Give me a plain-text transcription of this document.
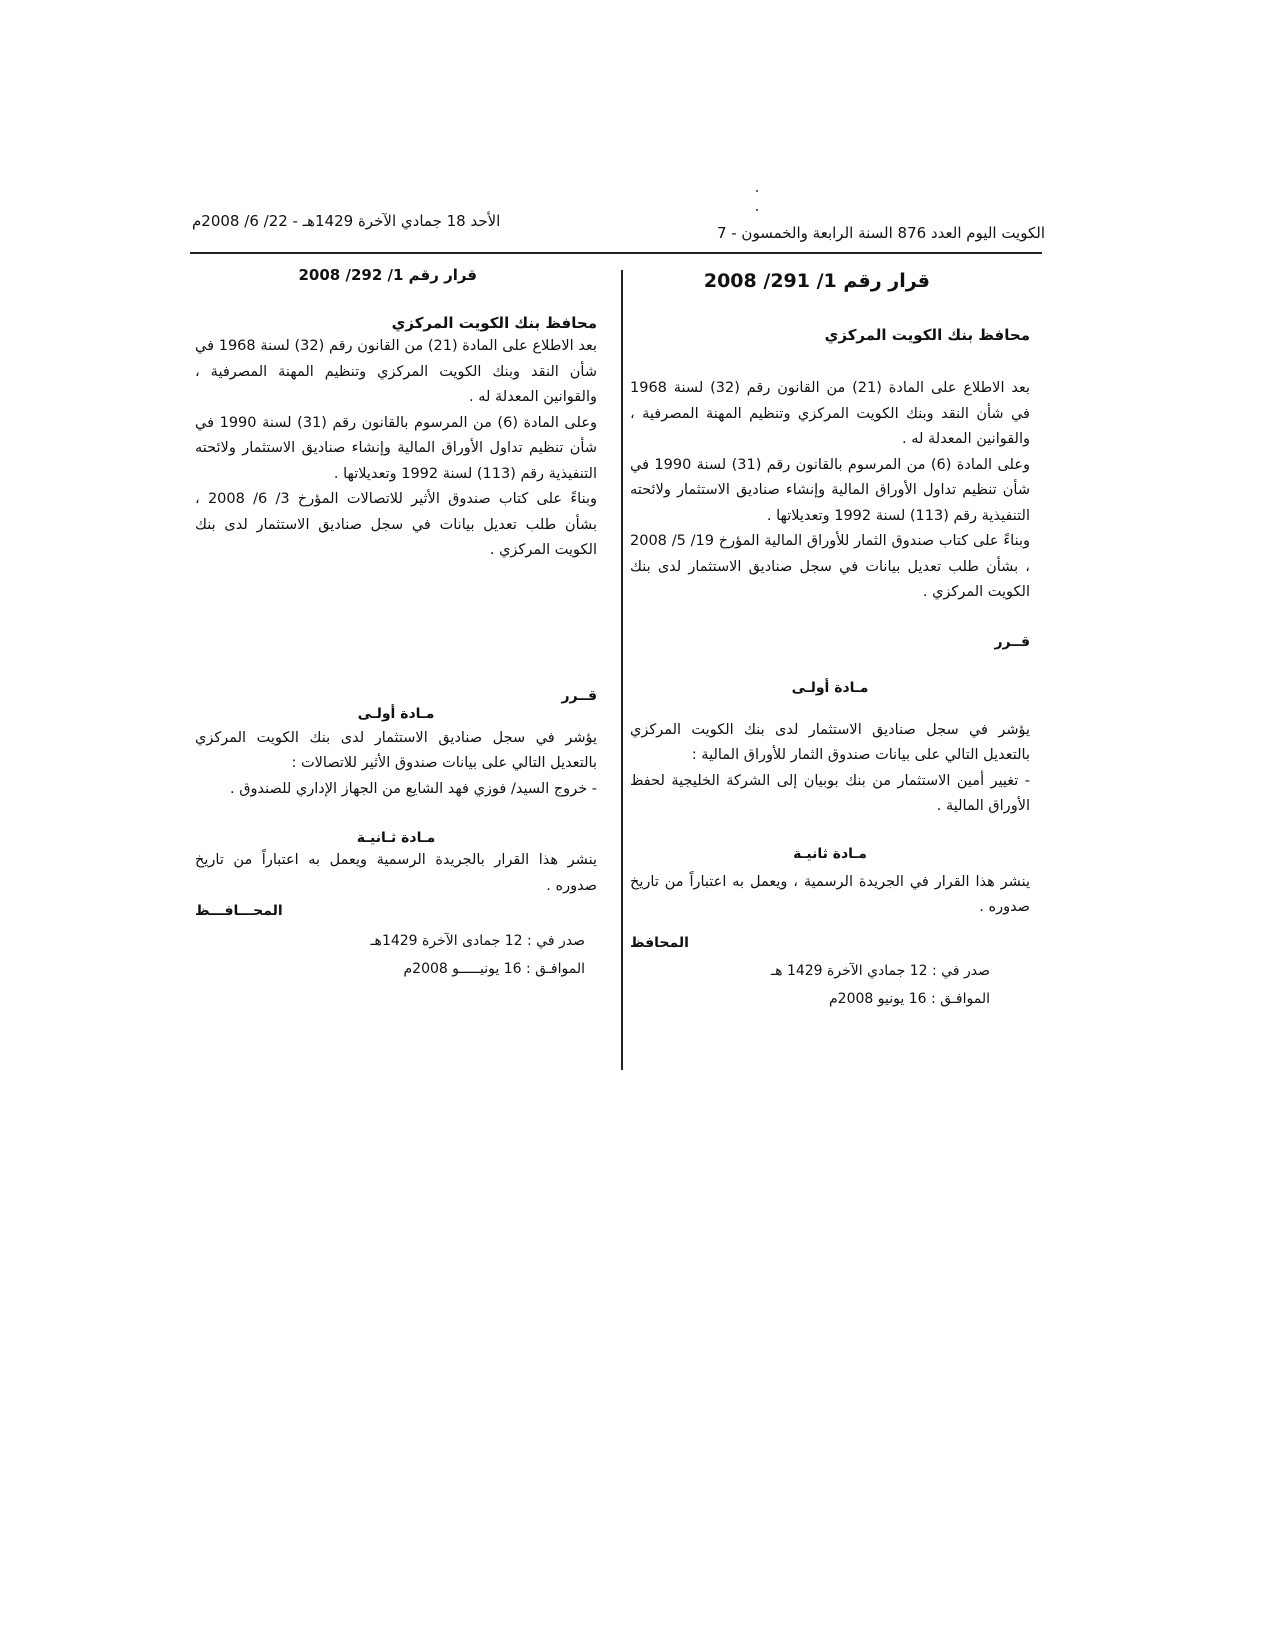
الكويت اليوم العدد 876 السنة الرابعة والخمسون - 7
الأحد 18 جمادي الآخرة 1429هـ - 22/ 6/ 2008م
قرار رقم 1/ 291/ 2008
محافظ بنك الكويت المركزي

بعد الاطلاع على المادة (21) من القانون رقم (32) لسنة 1968 في شأن النقد وبنك الكويت المركزي وتنظيم المهنة المصرفية ، والقوانين المعدلة له .

وعلى المادة (6) من المرسوم بالقانون رقم (31) لسنة 1990 في شأن تنظيم تداول الأوراق المالية وإنشاء صناديق الاستثمار ولائحته التنفيذية رقم (113) لسنة 1992 وتعديلاتها .

وبناءً على كتاب صندوق الثمار للأوراق المالية المؤرخ 19/ 5/ 2008 ، بشأن طلب تعديل بيانات في سجل صناديق الاستثمار لدى بنك الكويت المركزي .

قــرر
مـادة أولـى

يؤشر في سجل صناديق الاستثمار لدى بنك الكويت المركزي بالتعديل التالي على بيانات صندوق الثمار للأوراق المالية :

- تغيير أمين الاستثمار من بنك بوبيان إلى الشركة الخليجية لحفظ الأوراق المالية .

مـادة ثانيـة

ينشر هذا القرار في الجريدة الرسمية ، ويعمل به اعتباراً من تاريخ صدوره .

المحافظ
صدر في : 12 جمادي الآخرة 1429 هـ
الموافـق : 16 يونيو 2008م
قرار رقم 1/ 292/ 2008
محافظ بنك الكويت المركزي

بعد الاطلاع على المادة (21) من القانون رقم (32) لسنة 1968 في شأن النقد وبنك الكويت المركزي وتنظيم المهنة المصرفية ، والقوانين المعدلة له .

وعلى المادة (6) من المرسوم بالقانون رقم (31) لسنة 1990 في شأن تنظيم تداول الأوراق المالية وإنشاء صناديق الاستثمار ولائحته التنفيذية رقم (113) لسنة 1992 وتعديلاتها .

وبناءً على كتاب صندوق الأثير للاتصالات المؤرخ 3/ 6/ 2008 ، بشأن طلب تعديل بيانات في سجل صناديق الاستثمار لدى بنك الكويت المركزي .

قــرر
مـادة أولـى

يؤشر في سجل صناديق الاستثمار لدى بنك الكويت المركزي بالتعديل التالي على بيانات صندوق الأثير للاتصالات :

- خروج السيد/ فوزي فهد الشايع من الجهاز الإداري للصندوق .

مـادة ثـانيـة

ينشر هذا القرار بالجريدة الرسمية ويعمل به اعتباراً من تاريخ صدوره .

المحـــافـــظ
صدر في : 12 جمادى الآخرة 1429هـ
الموافـق : 16 يونيـــــو 2008م
